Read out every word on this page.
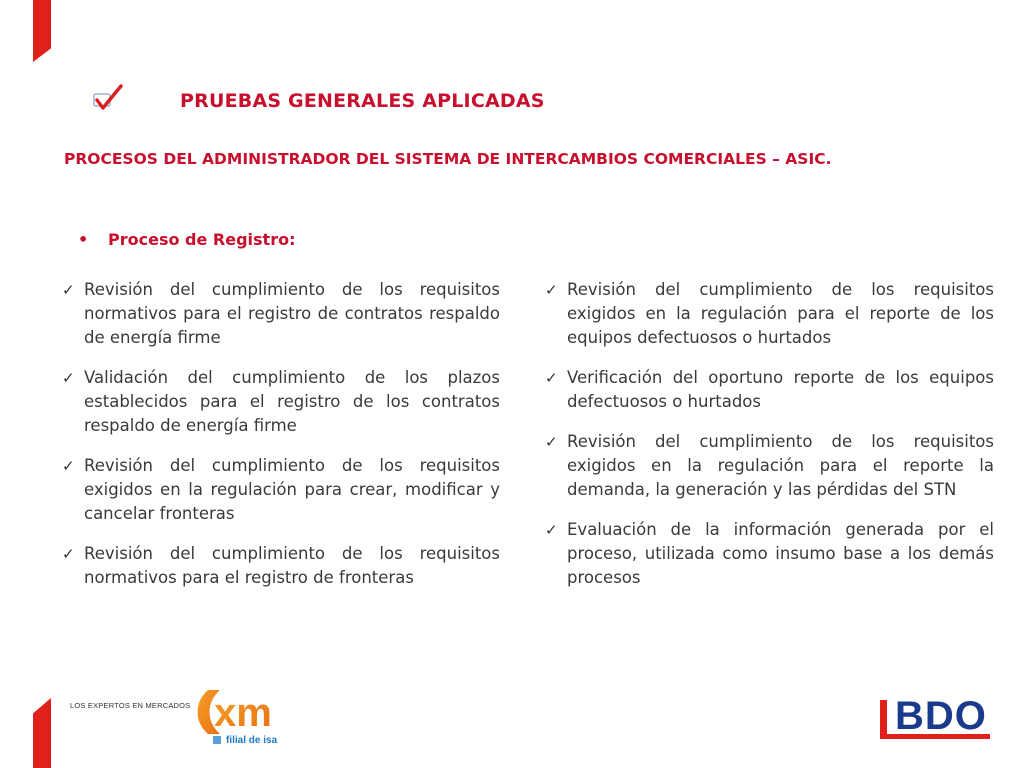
PRUEBAS GENERALES APLICADAS
PROCESOS DEL ADMINISTRADOR DEL SISTEMA DE INTERCAMBIOS COMERCIALES – ASIC.
• Proceso de Registro:
✓ Revisión del cumplimiento de los requisitos normativos para el registro de contratos respaldo de energía firme
✓ Validación del cumplimiento de los plazos establecidos para el registro de los contratos respaldo de energía firme
✓ Revisión del cumplimiento de los requisitos exigidos en la regulación para crear, modificar y cancelar fronteras
✓ Revisión del cumplimiento de los requisitos normativos para el registro de fronteras
✓ Revisión del cumplimiento de los requisitos exigidos en la regulación para el reporte de los equipos defectuosos o hurtados
✓ Verificación del oportuno reporte de los equipos defectuosos o hurtados
✓ Revisión del cumplimiento de los requisitos exigidos en la regulación para el reporte la demanda, la generación y las pérdidas del STN
✓ Evaluación de la información generada por el proceso, utilizada como insumo base a los demás procesos
xm
LOS EXPERTOS EN MERCADOS
filial de isa
BDO
